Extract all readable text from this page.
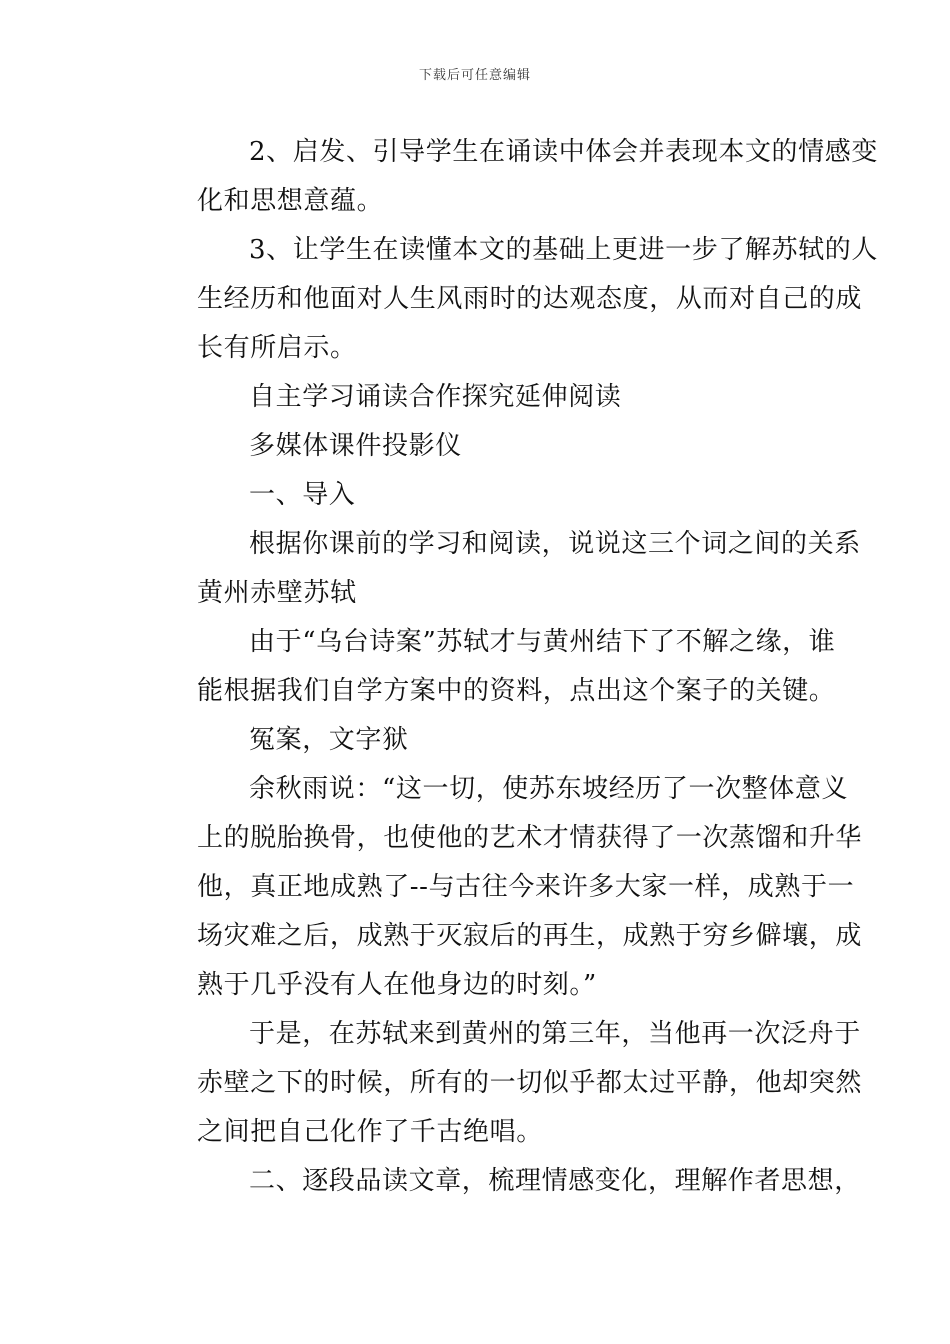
下载后可任意编辑

2、启发、引导学生在诵读中体会并表现本文的情感变
化和思想意蕴。

3、让学生在读懂本文的基础上更进一步了解苏轼的人
生经历和他面对人生风雨时的达观态度，从而对自己的成
长有所启示。

自主学习诵读合作探究延伸阅读

多媒体课件投影仪

一、导入

根据你课前的学习和阅读，说说这三个词之间的关系
黄州赤壁苏轼

由于“乌台诗案”苏轼才与黄州结下了不解之缘，谁
能根据我们自学方案中的资料，点出这个案子的关键。

冤案，文字狱

余秋雨说：“这一切，使苏东坡经历了一次整体意义
上的脱胎换骨，也使他的艺术才情获得了一次蒸馏和升华
他，真正地成熟了--与古往今来许多大家一样，成熟于一
场灾难之后，成熟于灭寂后的再生，成熟于穷乡僻壤，成
熟于几乎没有人在他身边的时刻。”

于是，在苏轼来到黄州的第三年，当他再一次泛舟于
赤壁之下的时候，所有的一切似乎都太过平静，他却突然
之间把自己化作了千古绝唱。

二、逐段品读文章，梳理情感变化，理解作者思想，
